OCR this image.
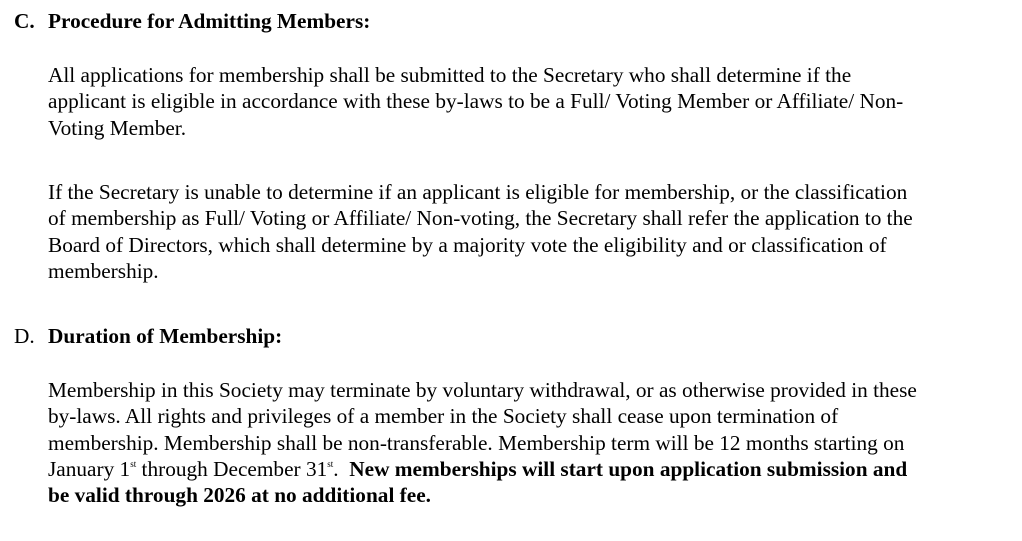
C. Procedure for Admitting Members:

All applications for membership shall be submitted to the Secretary who shall determine if the
applicant is eligible in accordance with these by-laws to be a Full/ Voting Member or Affiliate/ Non-
Voting Member.

If the Secretary is unable to determine if an applicant is eligible for membership, or the classification
of membership as Full/ Voting or Affiliate/ Non-voting, the Secretary shall refer the application to the
Board of Directors, which shall determine by a majority vote the eligibility and or classification of
membership.

D. Duration of Membership:

Membership in this Society may terminate by voluntary withdrawal, or as otherwise provided in these
by-laws. All rights and privileges of a member in the Society shall cease upon termination of
membership. Membership shall be non-transferable. Membership term will be 12 months starting on
January 1st through December 31st.  New memberships will start upon application submission and
be valid through 2026 at no additional fee.
